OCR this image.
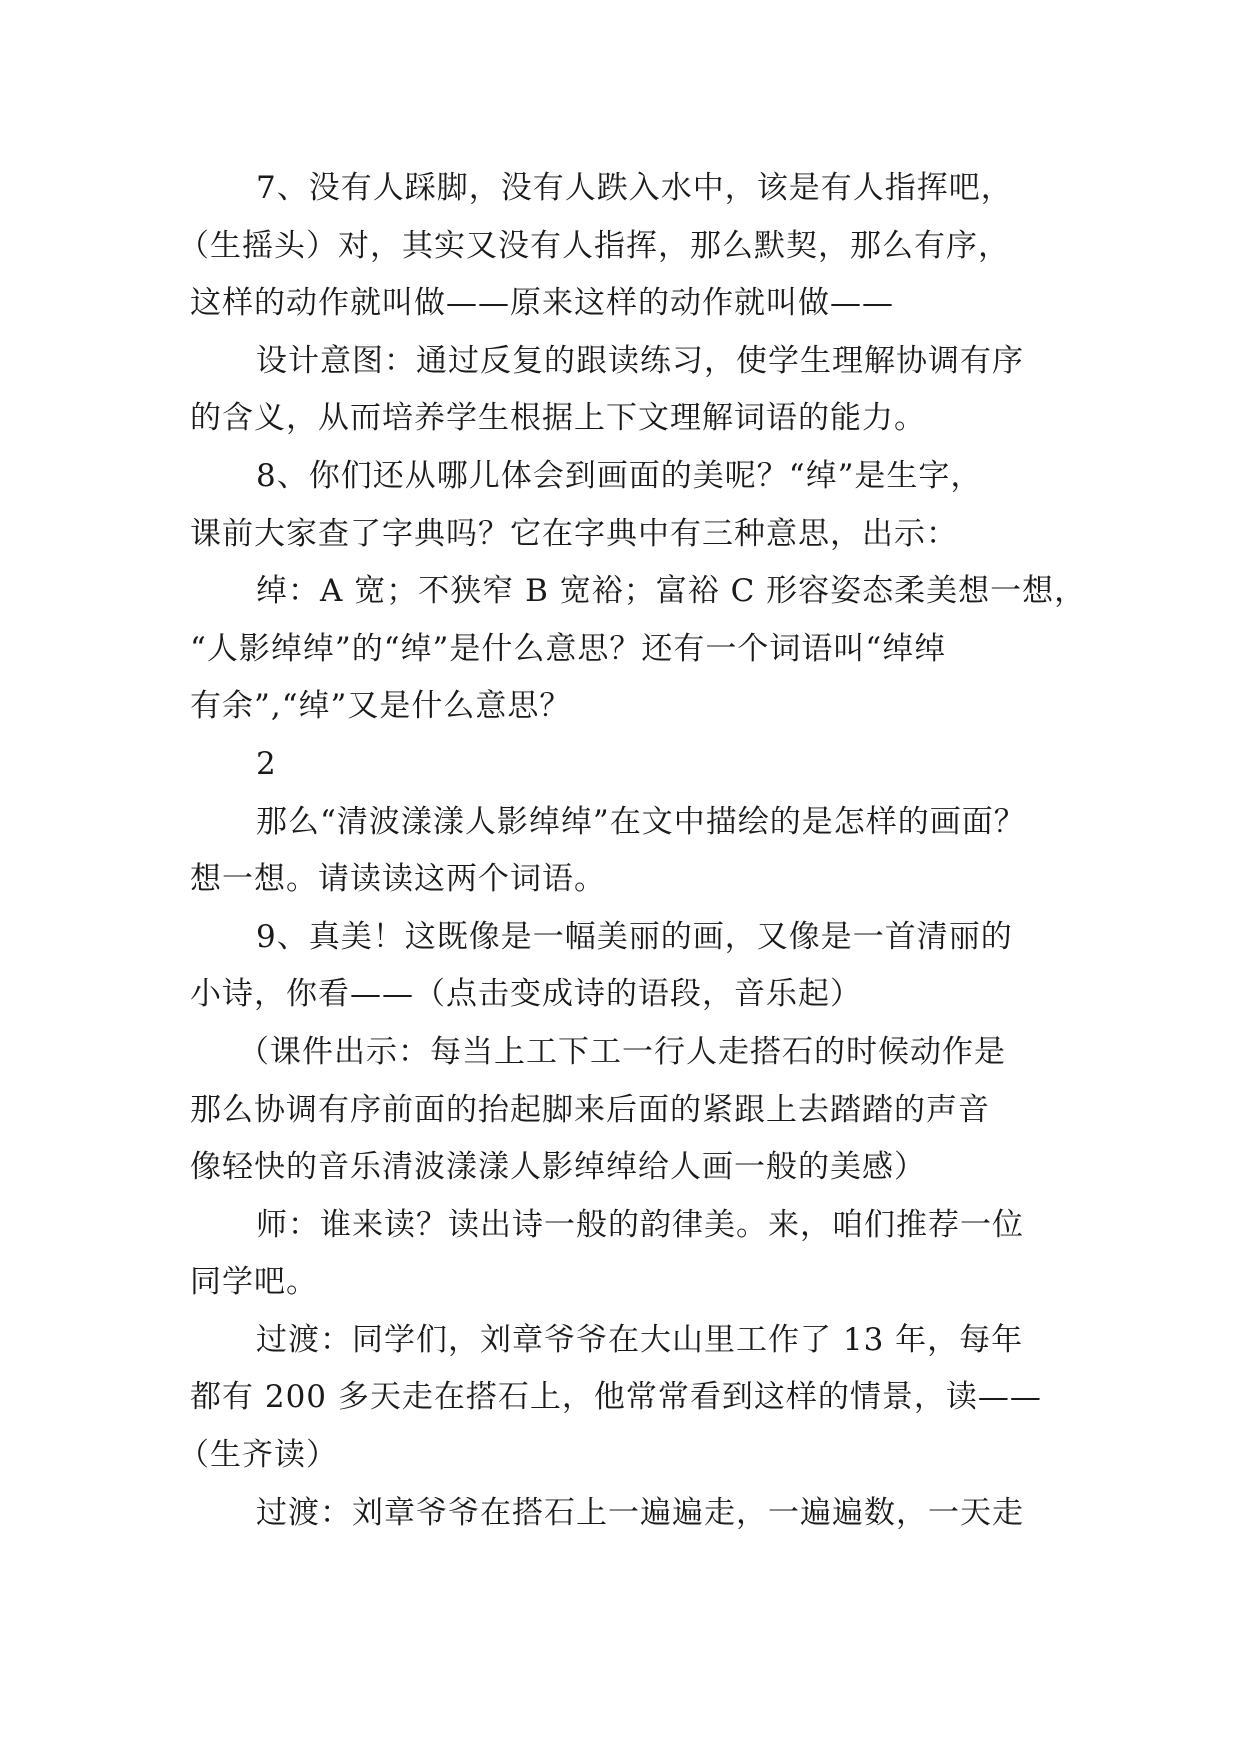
7、没有人踩脚，没有人跌入水中，该是有人指挥吧，
（生摇头）对，其实又没有人指挥，那么默契，那么有序，
这样的动作就叫做——原来这样的动作就叫做——
设计意图：通过反复的跟读练习，使学生理解协调有序
的含义，从而培养学生根据上下文理解词语的能力。
8、你们还从哪儿体会到画面的美呢？“绰”是生字，
课前大家查了字典吗？它在字典中有三种意思，出示：
绰：A 宽；不狭窄 B 宽裕；富裕 C 形容姿态柔美想一想，
“人影绰绰”的“绰”是什么意思？还有一个词语叫“绰绰
有余”,“绰”又是什么意思？
2
那么“清波漾漾人影绰绰”在文中描绘的是怎样的画面？
想一想。请读读这两个词语。
9、真美！这既像是一幅美丽的画，又像是一首清丽的
小诗，你看——（点击变成诗的语段，音乐起）
（课件出示：每当上工下工一行人走搭石的时候动作是
那么协调有序前面的抬起脚来后面的紧跟上去踏踏的声音
像轻快的音乐清波漾漾人影绰绰给人画一般的美感）
师：谁来读？读出诗一般的韵律美。来，咱们推荐一位
同学吧。
过渡：同学们，刘章爷爷在大山里工作了 13 年，每年
都有 200 多天走在搭石上，他常常看到这样的情景，读——
（生齐读）
过渡：刘章爷爷在搭石上一遍遍走，一遍遍数，一天走
